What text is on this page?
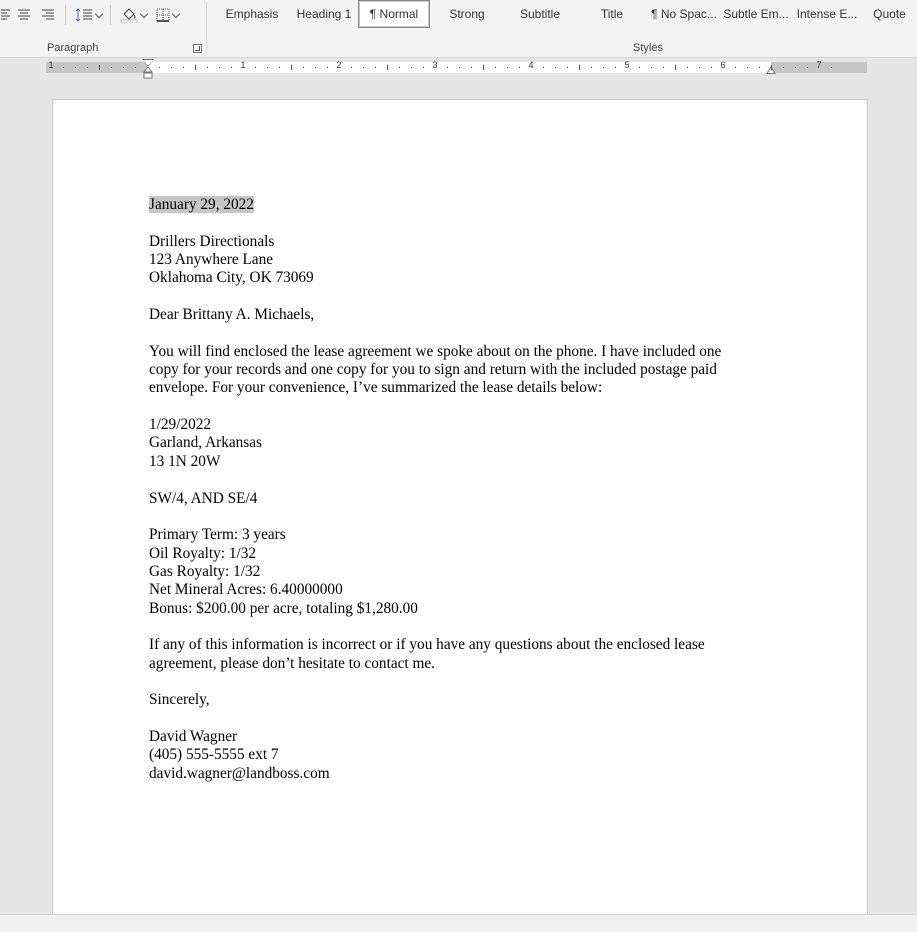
Paragraph
Emphasis	Heading 1	¶ Normal	Strong	Subtitle	Title	¶ No Spac... Subtle Em... Intense E...	Quote
Styles
1	1	2	3	4	5	6	7

January 29, 2022

Drillers Directionals

123 Anywhere Lane

Oklahoma City, OK 73069

Dear Brittany A. Michaels,

You will find enclosed the lease agreement we spoke about on the phone. I have included one

copy for your records and one copy for you to sign and return with the included postage paid

envelope. For your convenience, I’ve summarized the lease details below:

1/29/2022

Garland, Arkansas

13 1N 20W

SW/4, AND SE/4

Primary Term: 3 years

Oil Royalty: 1/32

Gas Royalty: 1/32

Net Mineral Acres: 6.40000000

Bonus: $200.00 per acre, totaling $1,280.00

If any of this information is incorrect or if you have any questions about the enclosed lease

agreement, please don’t hesitate to contact me.

Sincerely,

David Wagner

(405) 555-5555 ext 7

david.wagner@landboss.com
